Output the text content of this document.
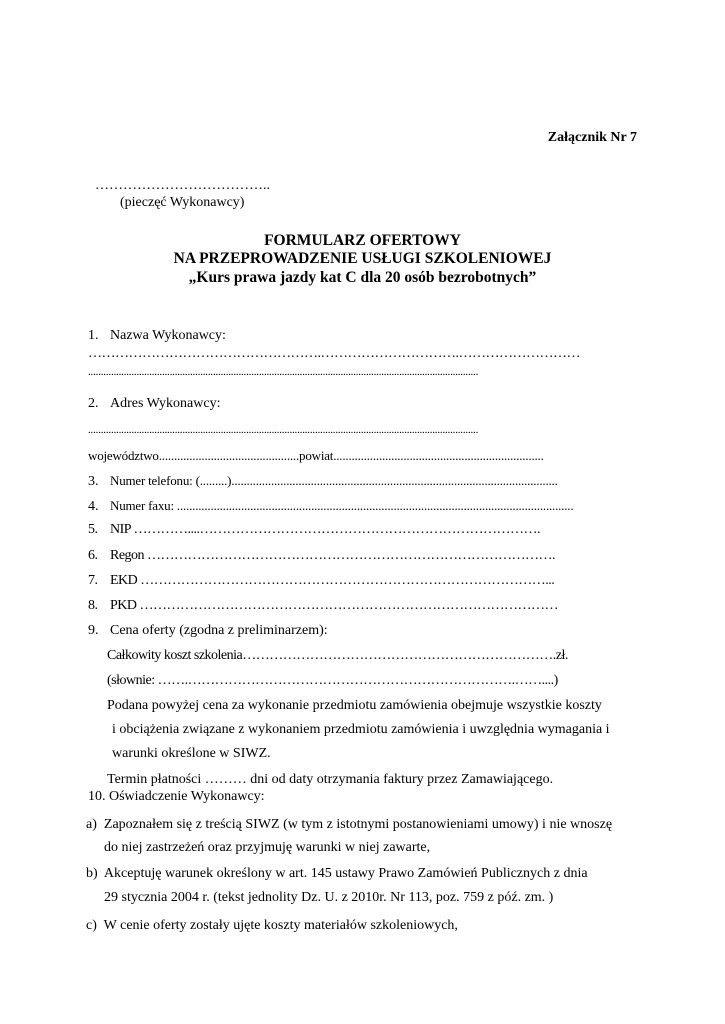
Załącznik Nr 7
………………………………..
(pieczęć Wykonawcy)
FORMULARZ OFERTOWY
NA PRZEPROWADZENIE USŁUGI SZKOLENIOWEJ
„Kurs prawa jazdy kat C dla 20 osób bezrobotnych”
1. Nazwa Wykonawcy:
…………………………………………….………………………….………………………
.........................................................................................................................................................
2. Adres Wykonawcy:
.........................................................................................................................................................
województwo..............................................powiat.....................................................................
3. Numer telefonu: (.........)...........................................................................................................
4. Numer faxu: ..................................................................................................................................
5. NIP …………....………………………………………………………………….
6. Regon ……………………………………………………………………………….
7. EKD ………………………………………………………………………………...
8. PKD …………………………………………………………………………………
9. Cena oferty (zgodna z preliminarzem):
Całkowity koszt szkolenia…………………………………………………………….zł.
(słownie: …….……………………………………………………………….……....)
Podana powyżej cena za wykonanie przedmiotu zamówienia obejmuje wszystkie koszty
i obciążenia związane z wykonaniem przedmiotu zamówienia i uwzględnia wymagania i
warunki określone w SIWZ.
Termin płatności ……… dni od daty otrzymania faktury przez Zamawiającego.
10. Oświadczenie Wykonawcy:
a) Zapoznałem się z treścią SIWZ (w tym z istotnymi postanowieniami umowy) i nie wnoszę
do niej zastrzeżeń oraz przyjmuję warunki w niej zawarte,
b) Akceptuję warunek określony w art. 145 ustawy Prawo Zamówień Publicznych z dnia
29 stycznia 2004 r. (tekst jednolity Dz. U. z 2010r. Nr 113, poz. 759 z póź. zm. )
c) W cenie oferty zostały ujęte koszty materiałów szkoleniowych,
